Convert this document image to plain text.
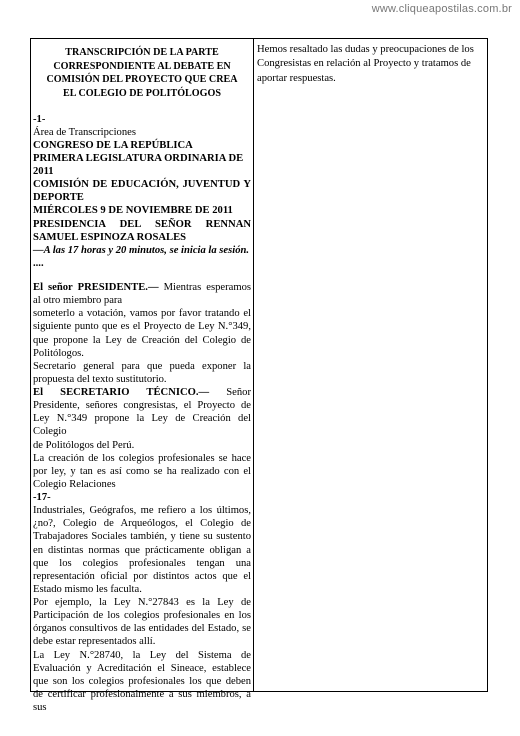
www.cliqueapostilas.com.br
TRANSCRIPCIÓN DE LA PARTE CORRESPONDIENTE AL DEBATE EN COMISIÓN DEL PROYECTO QUE CREA EL COLEGIO DE POLITÓLOGOS

-1-

Área de Transcripciones

CONGRESO DE LA REPÚBLICA

PRIMERA LEGISLATURA ORDINARIA DE 2011

COMISIÓN DE EDUCACIÓN, JUVENTUD Y DEPORTE

MIÉRCOLES 9 DE NOVIEMBRE DE 2011

PRESIDENCIA DEL SEÑOR RENNAN SAMUEL ESPINOZA ROSALES

—A las 17 horas y 20 minutos, se inicia la sesión.

....

El señor PRESIDENTE.— Mientras esperamos al otro miembro para

someterlo a votación, vamos por favor tratando el siguiente punto que es el Proyecto de Ley N.°349, que propone la Ley de Creación del Colegio de Politólogos.

Secretario general para que pueda exponer la propuesta del texto sustitutorio.

El SECRETARIO TÉCNICO.— Señor Presidente, señores congresistas, el Proyecto de Ley N.°349 propone la Ley de Creación del Colegio

de Politólogos del Perú.

La creación de los colegios profesionales se hace por ley, y tan es así como se ha realizado con el Colegio Relaciones

-17-

Industriales, Geógrafos, me refiero a los últimos, ¿no?, Colegio de Arqueólogos, el Colegio de Trabajadores Sociales también, y tiene su sustento en distintas normas que prácticamente obligan a que los colegios profesionales tengan una representación oficial por distintos actos que el Estado mismo les faculta.

Por ejemplo, la Ley N.°27843 es la Ley de Participación de los colegios profesionales en los órganos consultivos de las entidades del Estado, se debe estar representados allí.

La Ley N.°28740, la Ley del Sistema de Evaluación y Acreditación el Sineace, establece que son los colegios profesionales los que deben de certificar profesionalmente a sus miembros, a sus

Hemos resaltado las dudas y preocupaciones de los Congresistas en relación al Proyecto y tratamos de aportar respuestas.
